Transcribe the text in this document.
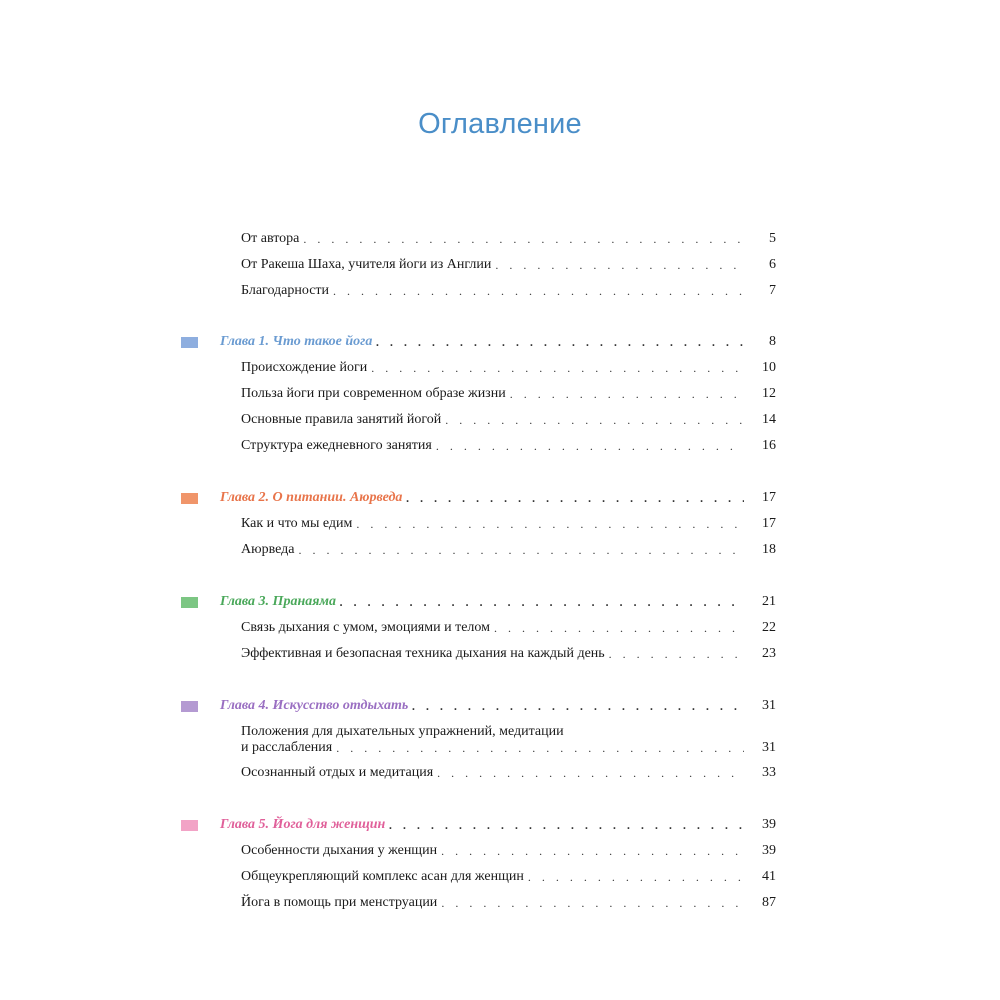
Оглавление
От автора . . .	5
От Ракеша Шаха, учителя йоги из Англии . . .	6
Благодарности . . .	7
Глава 1. Что такое йога . . .	8
Происхождение йоги . . .	10
Польза йоги при современном образе жизни . . .	12
Основные правила занятий йогой . . .	14
Структура ежедневного занятия . . .	16
Глава 2. О питании. Аюрведа . . .	17
Как и что мы едим . . .	17
Аюрведа . . .	18
Глава 3. Пранаяма . . .	21
Связь дыхания с умом, эмоциями и телом . . .	22
Эффективная и безопасная техника дыхания на каждый день . . .	23
Глава 4. Искусство отдыхать . . .	31
Положения для дыхательных упражнений, медитации
и расслабления . . .	31
Осознанный отдых и медитация . . .	33
Глава 5. Йога для женщин . . .	39
Особенности дыхания у женщин . . .	39
Общеукрепляющий комплекс асан для женщин . . .	41
Йога в помощь при менструации . . .	87
